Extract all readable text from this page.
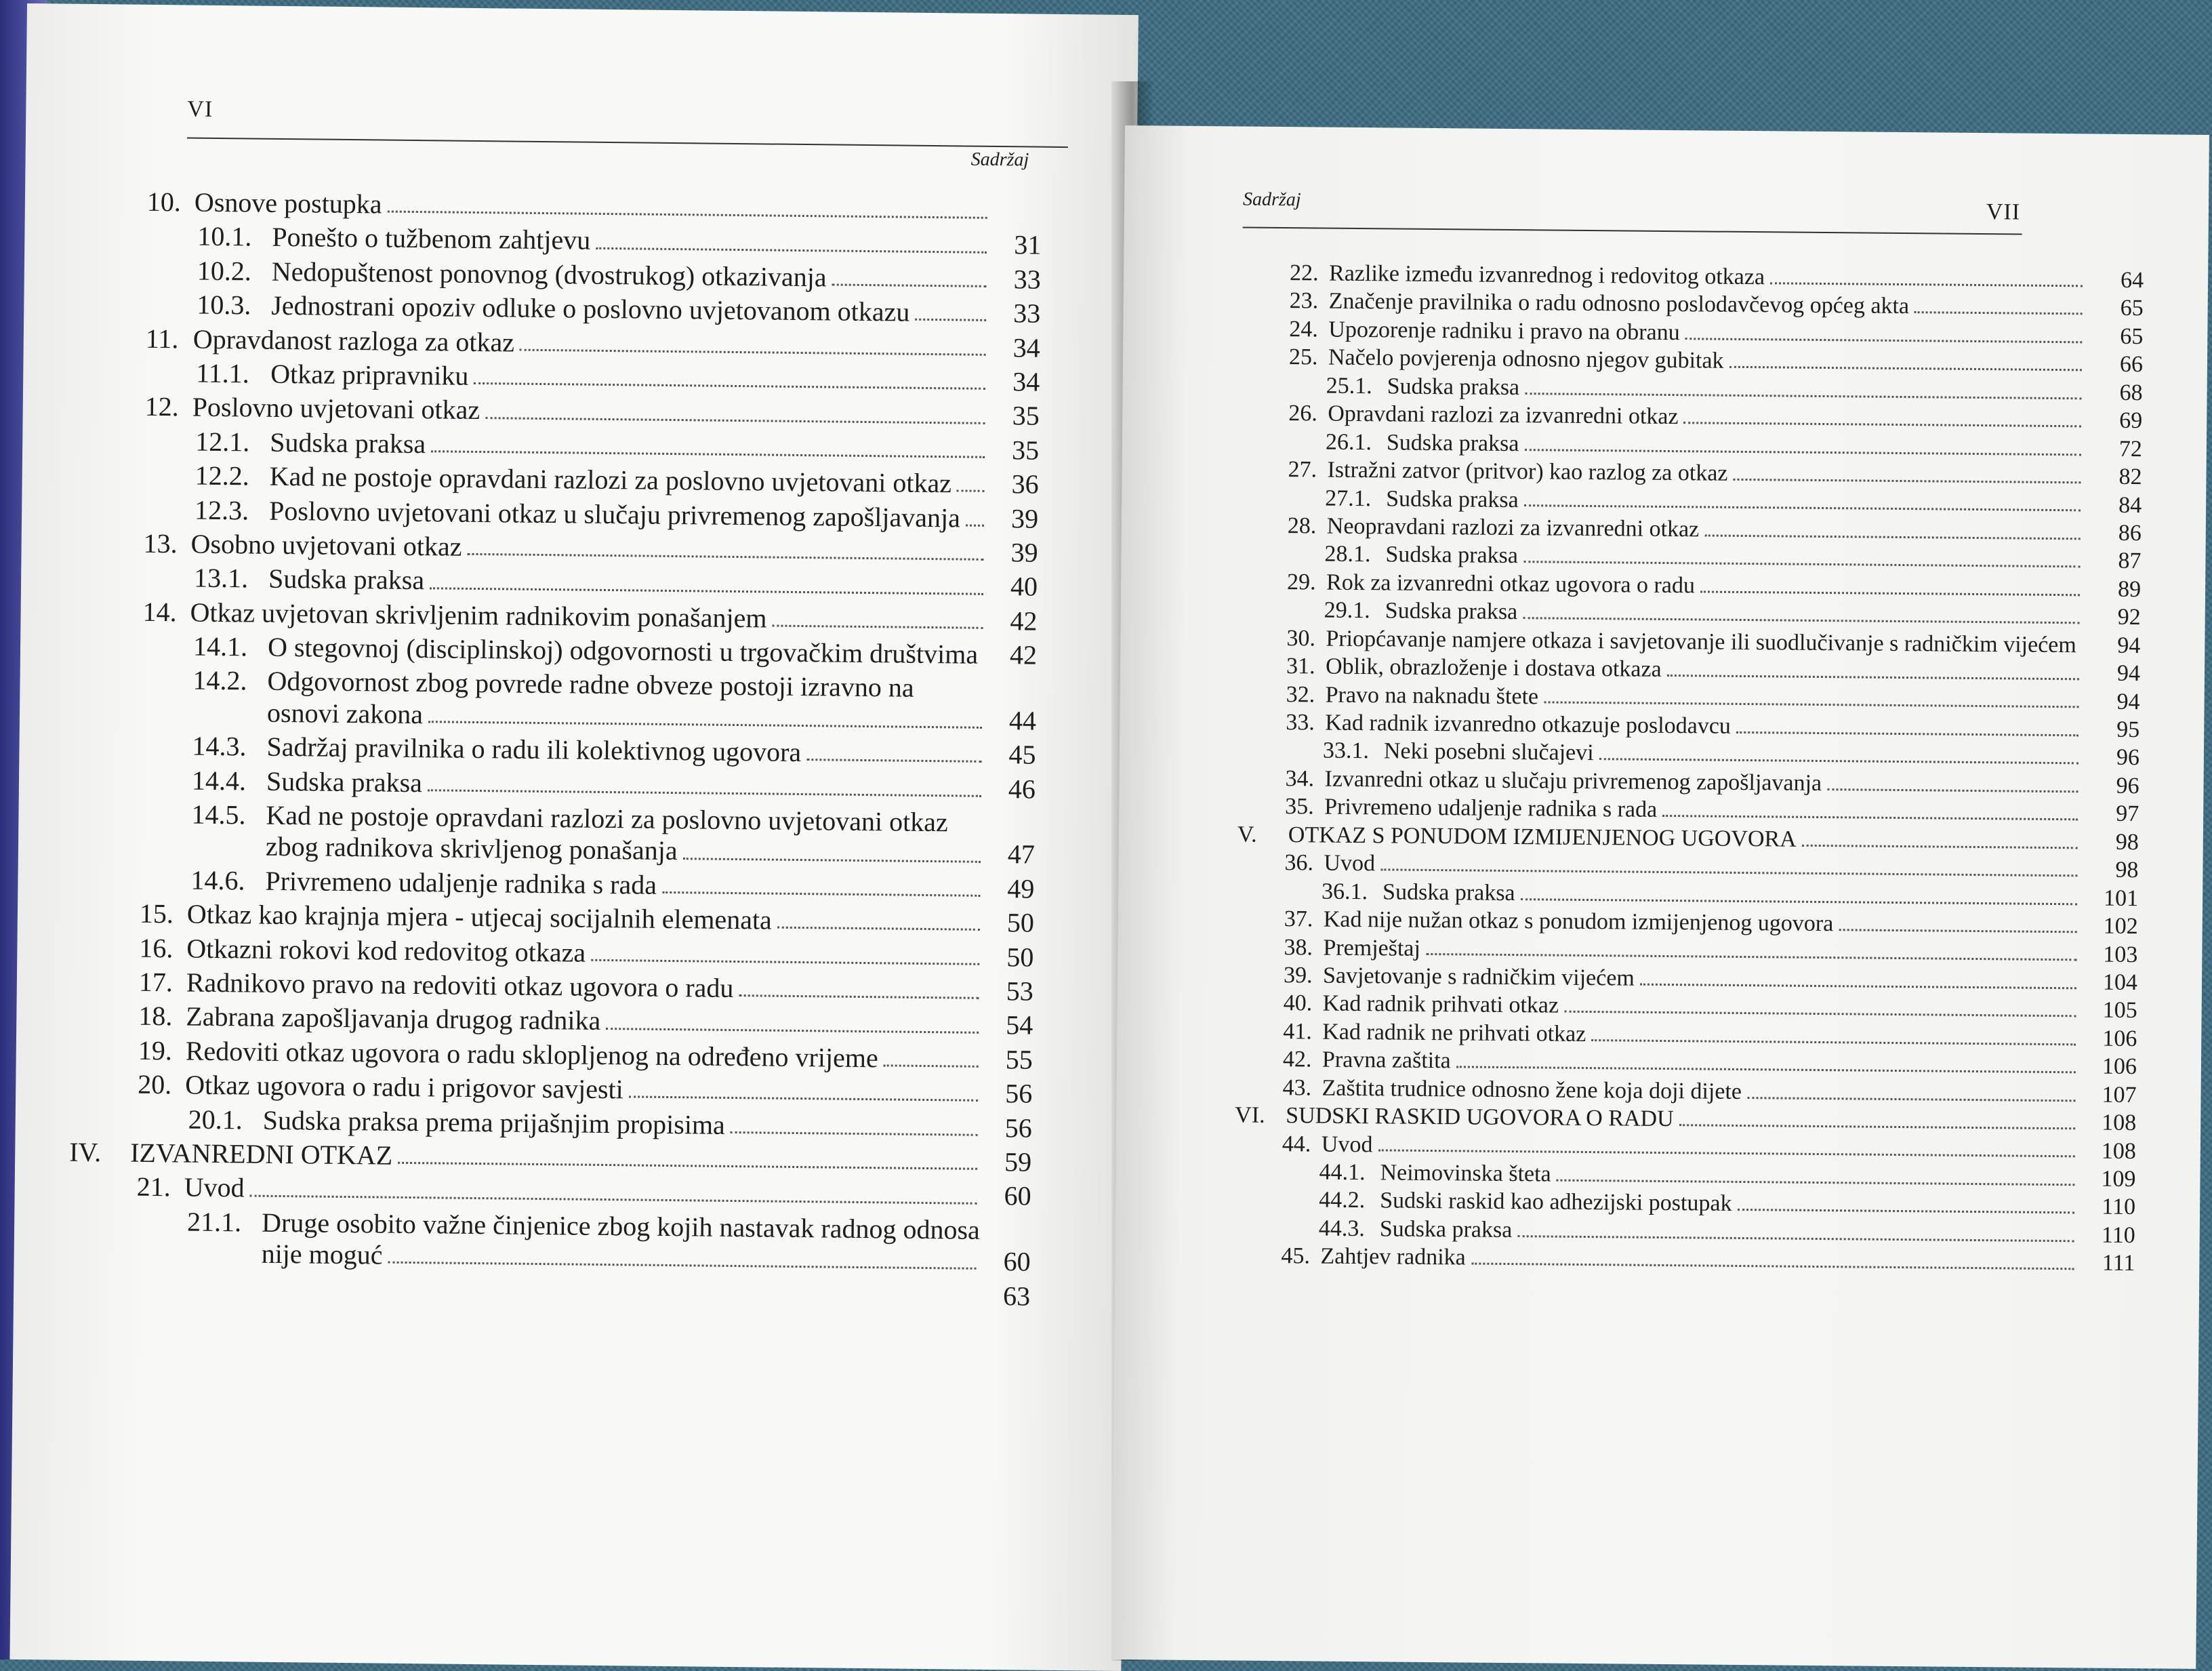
VI
Sadržaj
10. Osnove postupka
10.1. Ponešto o tužbenom zahtjevu	31
10.2. Nedopuštenost ponovnog (dvostrukog) otkazivanja	33
10.3. Jednostrani opoziv odluke o poslovno uvjetovanom otkazu	33
11. Opravdanost razloga za otkaz	34
11.1. Otkaz pripravniku	34
12. Poslovno uvjetovani otkaz	35
12.1. Sudska praksa	35
12.2. Kad ne postoje opravdani razlozi za poslovno uvjetovani otkaz	36
12.3. Poslovno uvjetovani otkaz u slučaju privremenog zapošljavanja	39
13. Osobno uvjetovani otkaz	39
13.1. Sudska praksa	40
14. Otkaz uvjetovan skrivljenim radnikovim ponašanjem	42
14.1. O stegovnoj (disciplinskoj) odgovornosti u trgovačkim društvima	42
14.2. Odgovornost zbog povrede radne obveze postoji izravno na osnovi zakona	44
14.3. Sadržaj pravilnika o radu ili kolektivnog ugovora	45
14.4. Sudska praksa	46
14.5. Kad ne postoje opravdani razlozi za poslovno uvjetovani otkaz zbog radnikova skrivljenog ponašanja	47
14.6. Privremeno udaljenje radnika s rada	49
15. Otkaz kao krajnja mjera - utjecaj socijalnih elemenata	50
16. Otkazni rokovi kod redovitog otkaza	50
17. Radnikovo pravo na redoviti otkaz ugovora o radu	53
18. Zabrana zapošljavanja drugog radnika	54
19. Redoviti otkaz ugovora o radu sklopljenog na određeno vrijeme	55
20. Otkaz ugovora o radu i prigovor savjesti	56
20.1. Sudska praksa prema prijašnjim propisima	56
IV. IZVANREDNI OTKAZ	59
21. Uvod	60
21.1. Druge osobito važne činjenice zbog kojih nastavak radnog odnosa nije moguć	60
63
Sadržaj	VII
22. Razlike između izvanrednog i redovitog otkaza	64
23. Značenje pravilnika o radu odnosno poslodavčevog općeg akta	65
24. Upozorenje radniku i pravo na obranu	65
25. Načelo povjerenja odnosno njegov gubitak	66
25.1. Sudska praksa	68
26. Opravdani razlozi za izvanredni otkaz	69
26.1. Sudska praksa	72
27. Istražni zatvor (pritvor) kao razlog za otkaz	82
27.1. Sudska praksa	84
28. Neopravdani razlozi za izvanredni otkaz	86
28.1. Sudska praksa	87
29. Rok za izvanredni otkaz ugovora o radu	89
29.1. Sudska praksa	92
30. Priopćavanje namjere otkaza i savjetovanje ili suodlučivanje s radničkim vijećem	94
31. Oblik, obrazloženje i dostava otkaza	94
32. Pravo na naknadu štete	94
33. Kad radnik izvanredno otkazuje poslodavcu	95
33.1. Neki posebni slučajevi	96
34. Izvanredni otkaz u slučaju privremenog zapošljavanja	96
35. Privremeno udaljenje radnika s rada	97
V. OTKAZ S PONUDOM IZMIJENJENOG UGOVORA	98
36. Uvod	98
36.1. Sudska praksa	101
37. Kad nije nužan otkaz s ponudom izmijenjenog ugovora	102
38. Premještaj	103
39. Savjetovanje s radničkim vijećem	104
40. Kad radnik prihvati otkaz	105
41. Kad radnik ne prihvati otkaz	106
42. Pravna zaštita	106
43. Zaštita trudnice odnosno žene koja doji dijete	107
VI. SUDSKI RASKID UGOVORA O RADU	108
44. Uvod	108
44.1. Neimovinska šteta	109
44.2. Sudski raskid kao adhezijski postupak	110
44.3. Sudska praksa	110
45. Zahtjev radnika	111
